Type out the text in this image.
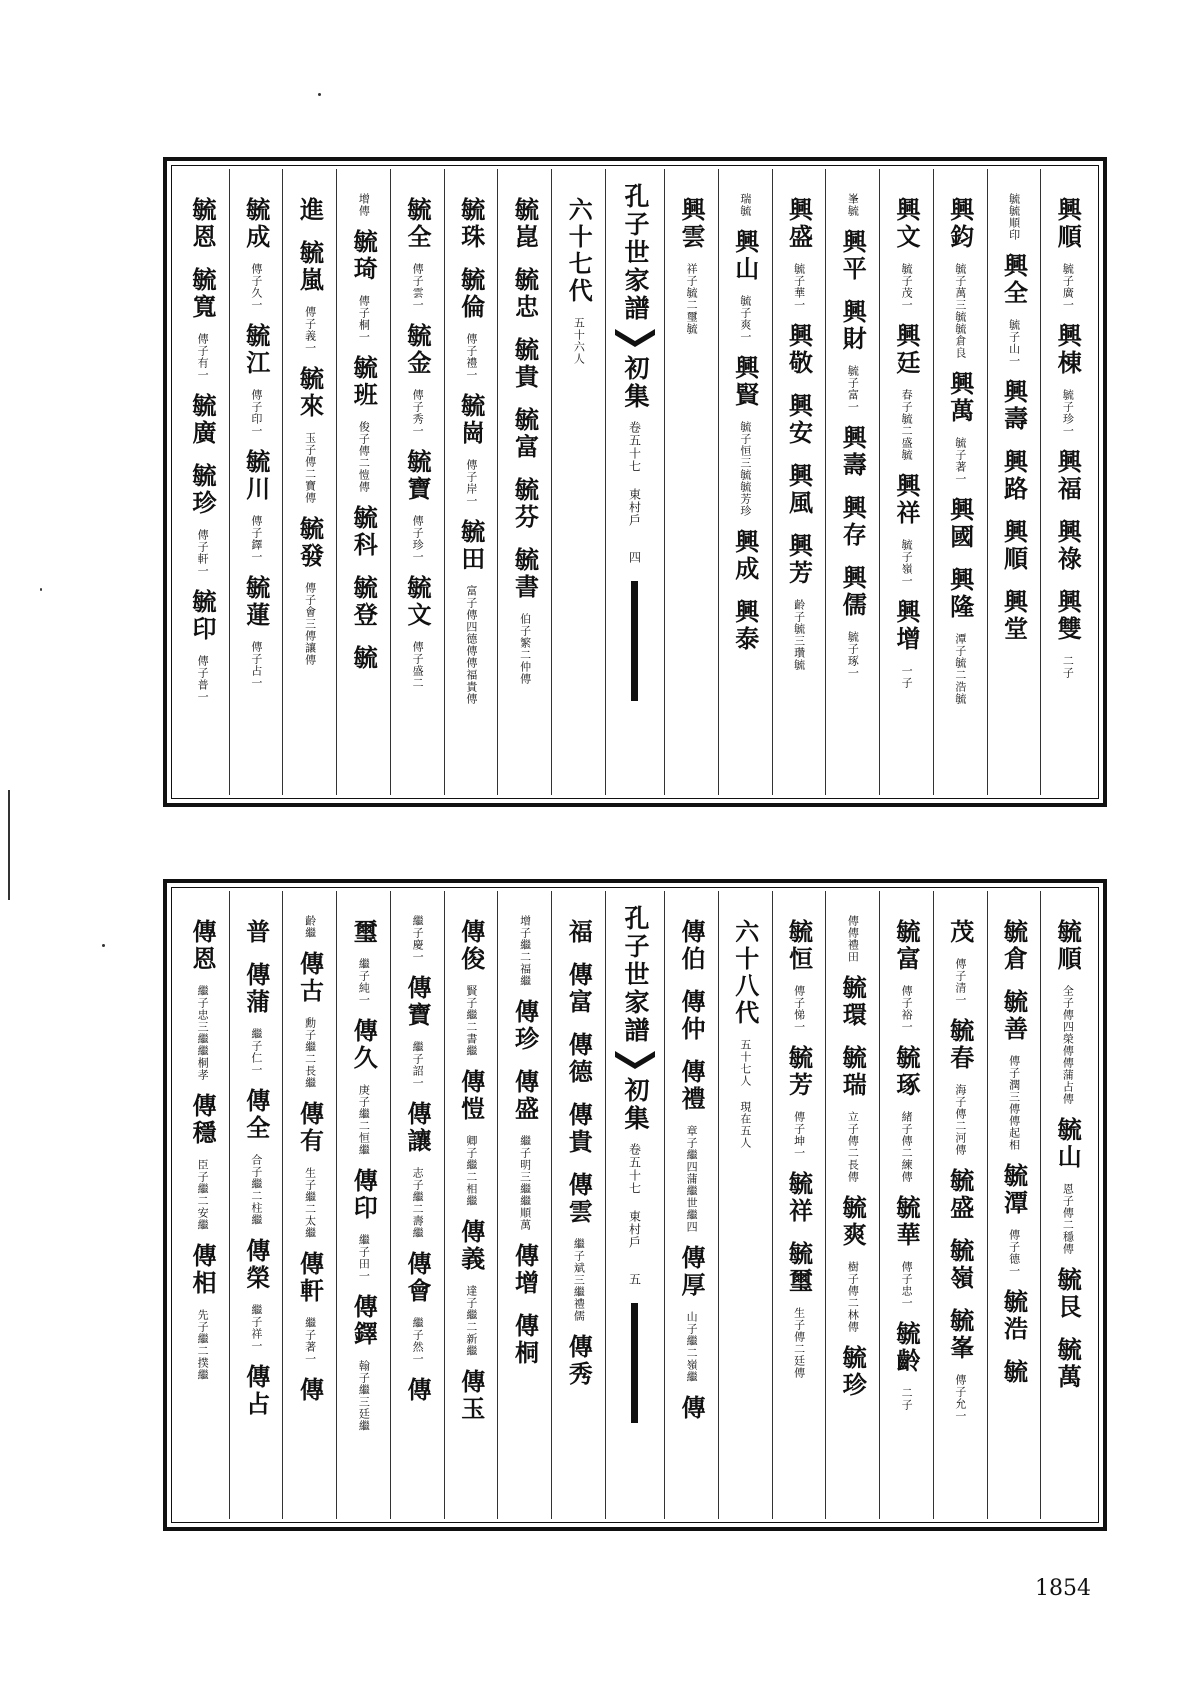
興順
毓子廣一
興棟
毓子珍一
興福
興祿
興雙
二子
毓毓順印
興全
毓子山一
興壽
興路
興順
興堂
興鈞
毓子萬三毓毓倉良
興萬
毓子著一
興國
興隆
潭子毓二浩毓
興文
毓子茂一
興廷
春子毓二盛毓
興祥
毓子嶺一
興增
一子
峯毓
興平
興財
毓子富一
興壽
興存
興儒
毓子琢一
興盛
毓子華一
興敬
興安
興風
興芳
齡子毓三瓚毓
瑞毓
興山
毓子爽一
興賢
毓子恒三毓毓芳珍
興成
興泰
興雲
祥子毓二璽毓
孔子世家譜
初集
卷五十七 東村戶
四
六十七代
五十六人
毓崑
毓忠
毓貴
毓富
毓芬
毓書
伯子繁二仲傳
毓珠
毓倫
傳子禮一
毓崗
傳子岸一
毓田
富子傳四德傳傳福貴傳
毓全
傳子雲一
毓金
傳子秀一
毓寶
傳子珍一
毓文
傳子盛二
增傳
毓琦
傳子桐一
毓班
俊子傳二愷傳
毓科
毓登
毓
進
毓嵐
傳子義一
毓來
玉子傳二寶傳
毓發
傳子會三傳讓傳
毓成
傳子久一
毓江
傳子印一
毓川
傳子鐸一
毓蓮
傳子占一
毓恩
毓寬
傳子有一
毓廣
毓珍
傳子軒一
毓印
傳子普一
毓順
全子傳四榮傳傳蒲占傳
毓山
恩子傳二穩傳
毓艮
毓萬
毓倉
毓善
傳子潤三傳傳起相
毓潭
傳子德一
毓浩
毓
茂
傳子清一
毓春
海子傳二河傳
毓盛
毓嶺
毓峯
傳子允一
毓富
傳子裕一
毓琢
緒子傳二練傳
毓華
傳子忠一
毓齡
二子
傳傳禮田
毓環
毓瑞
立子傳二長傳
毓爽
樹子傳二林傳
毓珍
毓恒
傳子悌一
毓芳
傳子坤一
毓祥
毓璽
生子傳二廷傳
六十八代
五十七人 現在五人
傳伯
傳仲
傳禮
章子繼四蒲繼世繼四
傳厚
山子繼二嶺繼
傳
孔子世家譜
初集
卷五十七 東村戶
五
福
傳富
傳德
傳貴
傳雲
繼子斌三繼禮儒
傳秀
增子繼二福繼
傳珍
傳盛
繼子明三繼繼順萬
傳增
傳桐
傳俊
賢子繼二書繼
傳愷
卿子繼二相繼
傳義
達子繼二新繼
傳玉
繼子慶一
傳寶
繼子詔一
傳讓
志子繼二壽繼
傳會
繼子然一
傳
璽
繼子純一
傳久
庚子繼二恒繼
傳印
繼子田一
傳鐸
翰子繼三廷繼
齡繼
傳古
勳子繼二長繼
傳有
生子繼二太繼
傳軒
繼子著一
傳
普
傳蒲
繼子仁一
傳全
合子繼二柱繼
傳榮
繼子祥一
傳占
傳恩
繼子忠三繼繼桐孝
傳穩
臣子繼二安繼
傳相
先子繼二撲繼
1854
